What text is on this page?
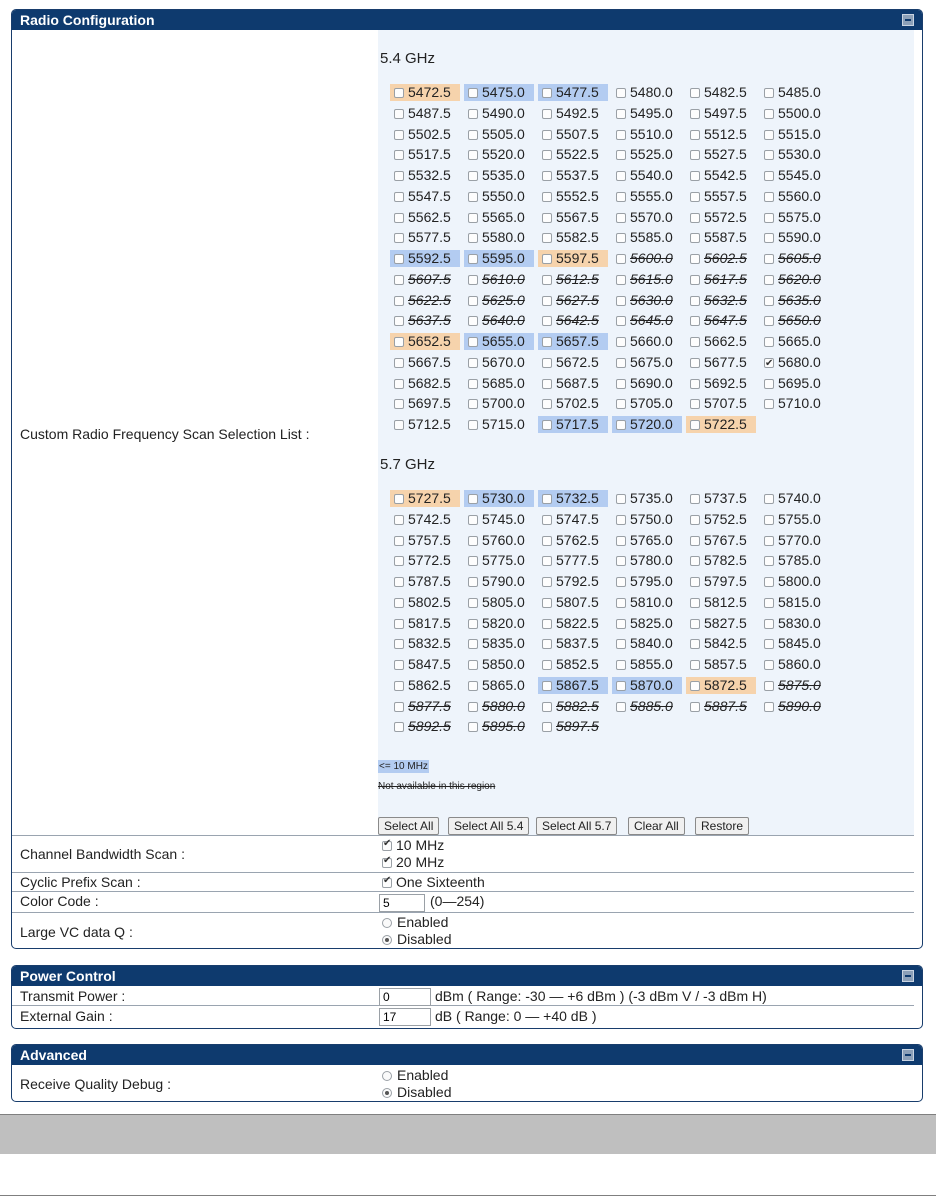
Radio Configuration
Custom Radio Frequency Scan Selection List :
5.4 GHz
5472.5	5475.0	5477.5	5480.0	5482.5	5485.0
5487.5	5490.0	5492.5	5495.0	5497.5	5500.0
5502.5	5505.0	5507.5	5510.0	5512.5	5515.0
5517.5	5520.0	5522.5	5525.0	5527.5	5530.0
5532.5	5535.0	5537.5	5540.0	5542.5	5545.0
5547.5	5550.0	5552.5	5555.0	5557.5	5560.0
5562.5	5565.0	5567.5	5570.0	5572.5	5575.0
5577.5	5580.0	5582.5	5585.0	5587.5	5590.0
5592.5	5595.0	5597.5	5600.0	5602.5	5605.0
5607.5	5610.0	5612.5	5615.0	5617.5	5620.0
5622.5	5625.0	5627.5	5630.0	5632.5	5635.0
5637.5	5640.0	5642.5	5645.0	5647.5	5650.0
5652.5	5655.0	5657.5	5660.0	5662.5	5665.0
5667.5	5670.0	5672.5	5675.0	5677.5 ✔	5680.0
5682.5	5685.0	5687.5	5690.0	5692.5	5695.0
5697.5	5700.0	5702.5	5705.0	5707.5	5710.0
5712.5	5715.0	5717.5	5720.0	5722.5
5.7 GHz
5727.5	5730.0	5732.5	5735.0	5737.5	5740.0
5742.5	5745.0	5747.5	5750.0	5752.5	5755.0
5757.5	5760.0	5762.5	5765.0	5767.5	5770.0
5772.5	5775.0	5777.5	5780.0	5782.5	5785.0
5787.5	5790.0	5792.5	5795.0	5797.5	5800.0
5802.5	5805.0	5807.5	5810.0	5812.5	5815.0
5817.5	5820.0	5822.5	5825.0	5827.5	5830.0
5832.5	5835.0	5837.5	5840.0	5842.5	5845.0
5847.5	5850.0	5852.5	5855.0	5857.5	5860.0
5862.5	5865.0	5867.5	5870.0	5872.5	5875.0
5877.5	5880.0	5882.5	5885.0	5887.5	5890.0
5892.5	5895.0	5897.5
<= 10 MHz
Not available in this region
Select All	Select All 5.4	Select All 5.7	Clear All	Restore
Channel Bandwidth Scan :
✔10 MHz
✔20 MHz
Cyclic Prefix Scan : ✔	One Sixteenth
Color Code :
5	(0—254)
Large VC data Q :
Enabled
Disabled
Power Control
Transmit Power :
0	dBm ( Range: -30 — +6 dBm ) (-3 dBm V / -3 dBm H)
External Gain :
17	dB ( Range: 0 — +40 dB )
Advanced
Receive Quality Debug :
Enabled
Disabled
